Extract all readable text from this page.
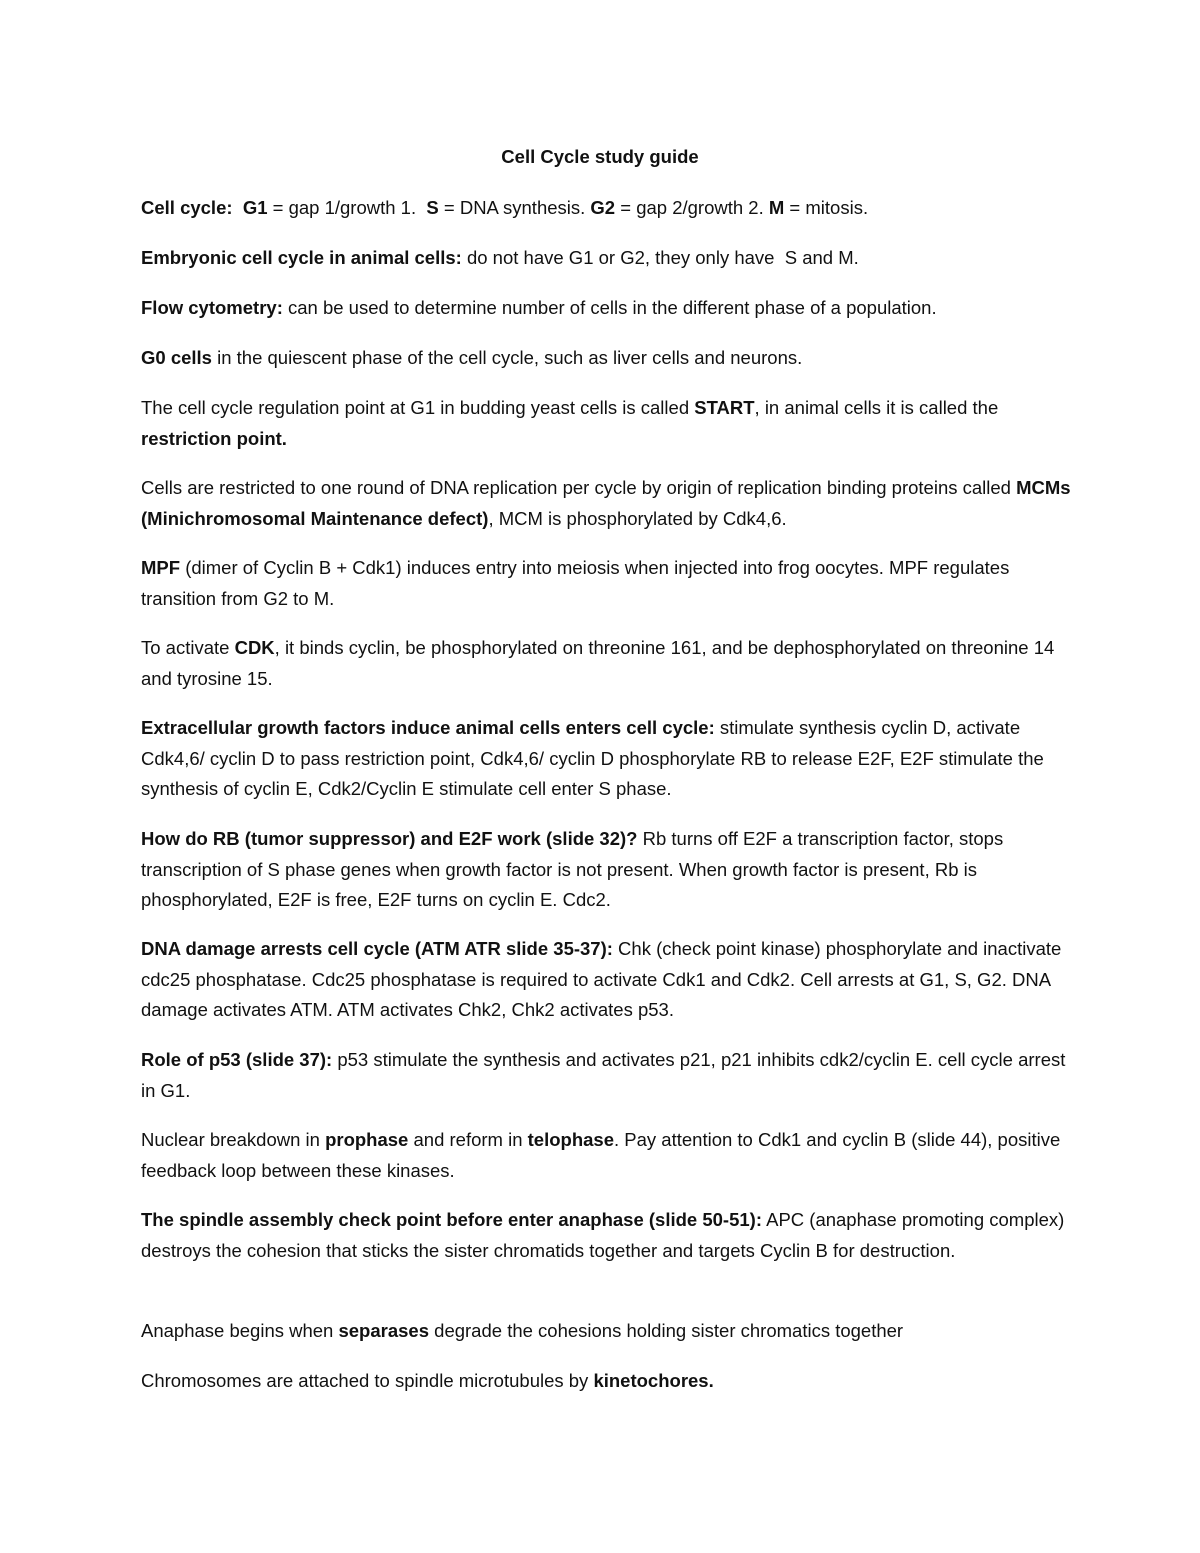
Cell Cycle study guide

Cell cycle: G1 = gap 1/growth 1.  S = DNA synthesis. G2 = gap 2/growth 2. M = mitosis.

Embryonic cell cycle in animal cells: do not have G1 or G2, they only have  S and M.

Flow cytometry: can be used to determine number of cells in the different phase of a population.

G0 cells in the quiescent phase of the cell cycle, such as liver cells and neurons.

The cell cycle regulation point at G1 in budding yeast cells is called START, in animal cells it is called the restriction point.

Cells are restricted to one round of DNA replication per cycle by origin of replication binding proteins called MCMs (Minichromosomal Maintenance defect), MCM is phosphorylated by Cdk4,6.

MPF (dimer of Cyclin B + Cdk1) induces entry into meiosis when injected into frog oocytes. MPF regulates transition from G2 to M.

To activate CDK, it binds cyclin, be phosphorylated on threonine 161, and be dephosphorylated on threonine 14 and tyrosine 15.

Extracellular growth factors induce animal cells enters cell cycle: stimulate synthesis cyclin D, activate Cdk4,6/ cyclin D to pass restriction point, Cdk4,6/ cyclin D phosphorylate RB to release E2F, E2F stimulate the synthesis of cyclin E, Cdk2/Cyclin E stimulate cell enter S phase.

How do RB (tumor suppressor) and E2F work (slide 32)? Rb turns off E2F a transcription factor, stops transcription of S phase genes when growth factor is not present. When growth factor is present, Rb is phosphorylated, E2F is free, E2F turns on cyclin E. Cdc2.

DNA damage arrests cell cycle (ATM ATR slide 35-37): Chk (check point kinase) phosphorylate and inactivate cdc25 phosphatase. Cdc25 phosphatase is required to activate Cdk1 and Cdk2. Cell arrests at G1, S, G2. DNA damage activates ATM. ATM activates Chk2, Chk2 activates p53.

Role of p53 (slide 37): p53 stimulate the synthesis and activates p21, p21 inhibits cdk2/cyclin E. cell cycle arrest in G1.

Nuclear breakdown in prophase and reform in telophase. Pay attention to Cdk1 and cyclin B (slide 44), positive feedback loop between these kinases.

The spindle assembly check point before enter anaphase (slide 50-51): APC (anaphase promoting complex) destroys the cohesion that sticks the sister chromatids together and targets Cyclin B for destruction.

Anaphase begins when separases degrade the cohesions holding sister chromatics together

Chromosomes are attached to spindle microtubules by kinetochores.
